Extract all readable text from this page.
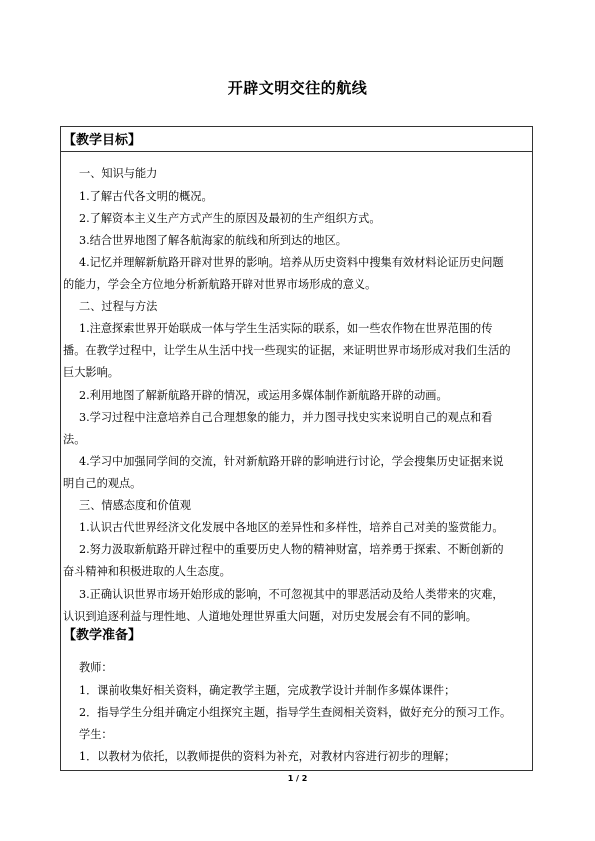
开辟文明交往的航线
【教学目标】
一、知识与能力
1.了解古代各文明的概况。
2.了解资本主义生产方式产生的原因及最初的生产组织方式。
3.结合世界地图了解各航海家的航线和所到达的地区。
4.记忆并理解新航路开辟对世界的影响。培养从历史资料中搜集有效材料论证历史问题
的能力，学会全方位地分析新航路开辟对世界市场形成的意义。
二、过程与方法
1.注意探索世界开始联成一体与学生生活实际的联系，如一些农作物在世界范围的传
播。在教学过程中，让学生从生活中找一些现实的证据，来证明世界市场形成对我们生活的
巨大影响。
2.利用地图了解新航路开辟的情况，或运用多媒体制作新航路开辟的动画。
3.学习过程中注意培养自己合理想象的能力，并力图寻找史实来说明自己的观点和看
法。
4.学习中加强同学间的交流，针对新航路开辟的影响进行讨论，学会搜集历史证据来说
明自己的观点。
三、情感态度和价值观
1.认识古代世界经济文化发展中各地区的差异性和多样性，培养自己对美的鉴赏能力。
2.努力汲取新航路开辟过程中的重要历史人物的精神财富，培养勇于探索、不断创新的
奋斗精神和积极进取的人生态度。
3.正确认识世界市场开始形成的影响，不可忽视其中的罪恶活动及给人类带来的灾难，
认识到追逐利益与理性地、人道地处理世界重大问题，对历史发展会有不同的影响。
【教学准备】
教师：
1．课前收集好相关资料，确定教学主题，完成教学设计并制作多媒体课件；
2．指导学生分组并确定小组探究主题，指导学生查阅相关资料，做好充分的预习工作。
学生：
1．以教材为依托，以教师提供的资料为补充，对教材内容进行初步的理解；
1 / 2
